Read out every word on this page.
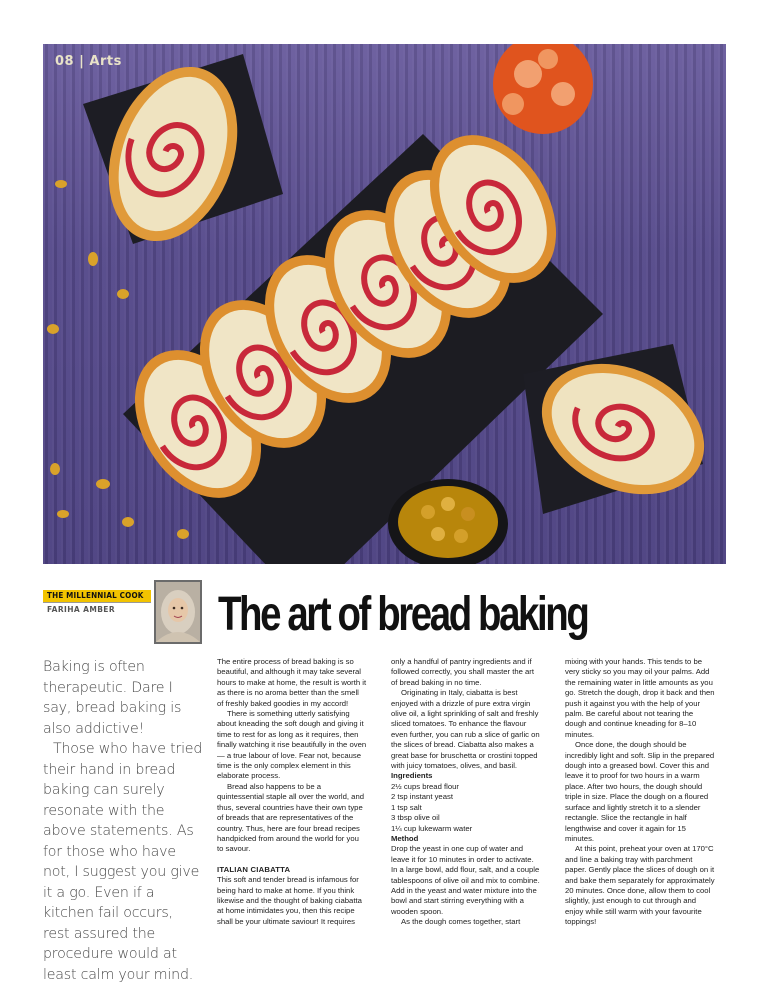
08 | Arts
THE MILLENNIAL COOK
FARIHA AMBER The art of bread baking

Baking is often therapeutic. Dare I say, bread baking is also addictive!

Those who have tried their hand in bread baking can surely resonate with the above statements. As for those who have not, I suggest you give it a go. Even if a kitchen fail occurs, rest assured the procedure would at least calm your mind.

The entire process of bread baking is so beautiful, and although it may take several hours to make at home, the result is worth it as there is no aroma better than the smell of freshly baked goodies in my accord!

There is something utterly satisfying about kneading the soft dough and giving it time to rest for as long as it requires, then finally watching it rise beautifully in the oven — a true labour of love. Fear not, because time is the only complex element in this elaborate process.

Bread also happens to be a quintessential staple all over the world, and thus, several countries have their own type of breads that are representatives of the country. Thus, here are four bread recipes handpicked from around the world for you to savour.

ITALIAN CIABATTA

This soft and tender bread is infamous for being hard to make at home. If you think likewise and the thought of baking ciabatta at home intimidates you, then this recipe shall be your ultimate saviour! It requires

only a handful of pantry ingredients and if followed correctly, you shall master the art of bread baking in no time.

Originating in Italy, ciabatta is best enjoyed with a drizzle of pure extra virgin olive oil, a light sprinkling of salt and freshly sliced tomatoes. To enhance the flavour even further, you can rub a slice of garlic on the slices of bread. Ciabatta also makes a great base for bruschetta or crostini topped with juicy tomatoes, olives, and basil.

Ingredients

2½ cups bread flour

2 tsp instant yeast

1 tsp salt

3 tbsp olive oil

1¼ cup lukewarm water

Method

Drop the yeast in one cup of water and leave it for 10 minutes in order to activate. In a large bowl, add flour, salt, and a couple tablespoons of olive oil and mix to combine. Add in the yeast and water mixture into the bowl and start stirring everything with a wooden spoon.

As the dough comes together, start

mixing with your hands. This tends to be very sticky so you may oil your palms. Add the remaining water in little amounts as you go. Stretch the dough, drop it back and then push it against you with the help of your palm. Be careful about not tearing the dough and continue kneading for 8–10 minutes.

Once done, the dough should be incredibly light and soft. Slip in the prepared dough into a greased bowl. Cover this and leave it to proof for two hours in a warm place. After two hours, the dough should triple in size. Place the dough on a floured surface and lightly stretch it to a slender rectangle. Slice the rectangle in half lengthwise and cover it again for 15 minutes.

At this point, preheat your oven at 170°C and line a baking tray with parchment paper. Gently place the slices of dough on it and bake them separately for approximately 20 minutes. Once done, allow them to cool slightly, just enough to cut through and enjoy while still warm with your favourite toppings!
